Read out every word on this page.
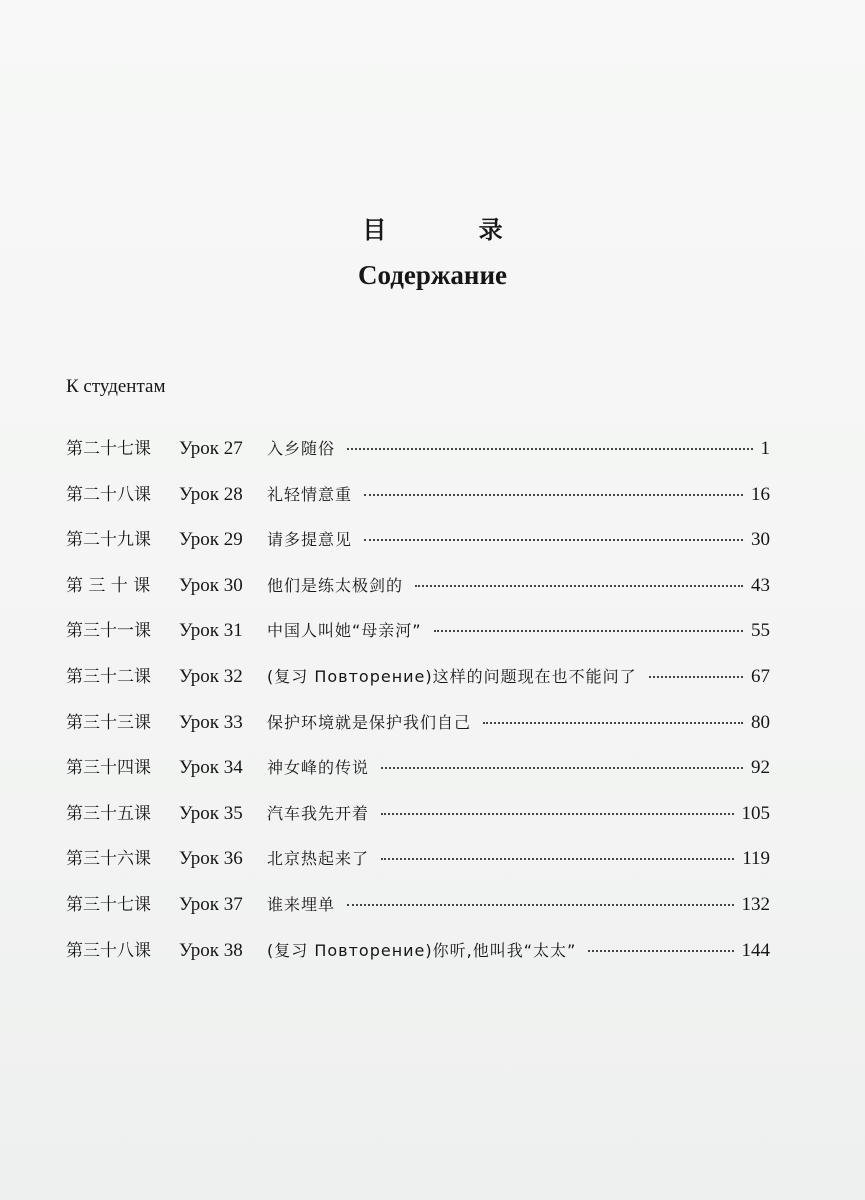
目 录
Содержание
К студентам
第二十七课	Урок 27	入乡随俗	1
第二十八课	Урок 28	礼轻情意重	16
第二十九课	Урок 29	请多提意见	30
第 三 十 课	Урок 30	他们是练太极剑的	43
第三十一课	Урок 31	中国人叫她“母亲河”	55
第三十二课	Урок 32	(复习 Повторение)这样的问题现在也不能问了	67
第三十三课	Урок 33	保护环境就是保护我们自己	80
第三十四课	Урок 34	神女峰的传说	92
第三十五课	Урок 35	汽车我先开着	105
第三十六课	Урок 36	北京热起来了	119
第三十七课	Урок 37	谁来埋单	132
第三十八课	Урок 38	(复习 Повторение)你听,他叫我“太太”	144
